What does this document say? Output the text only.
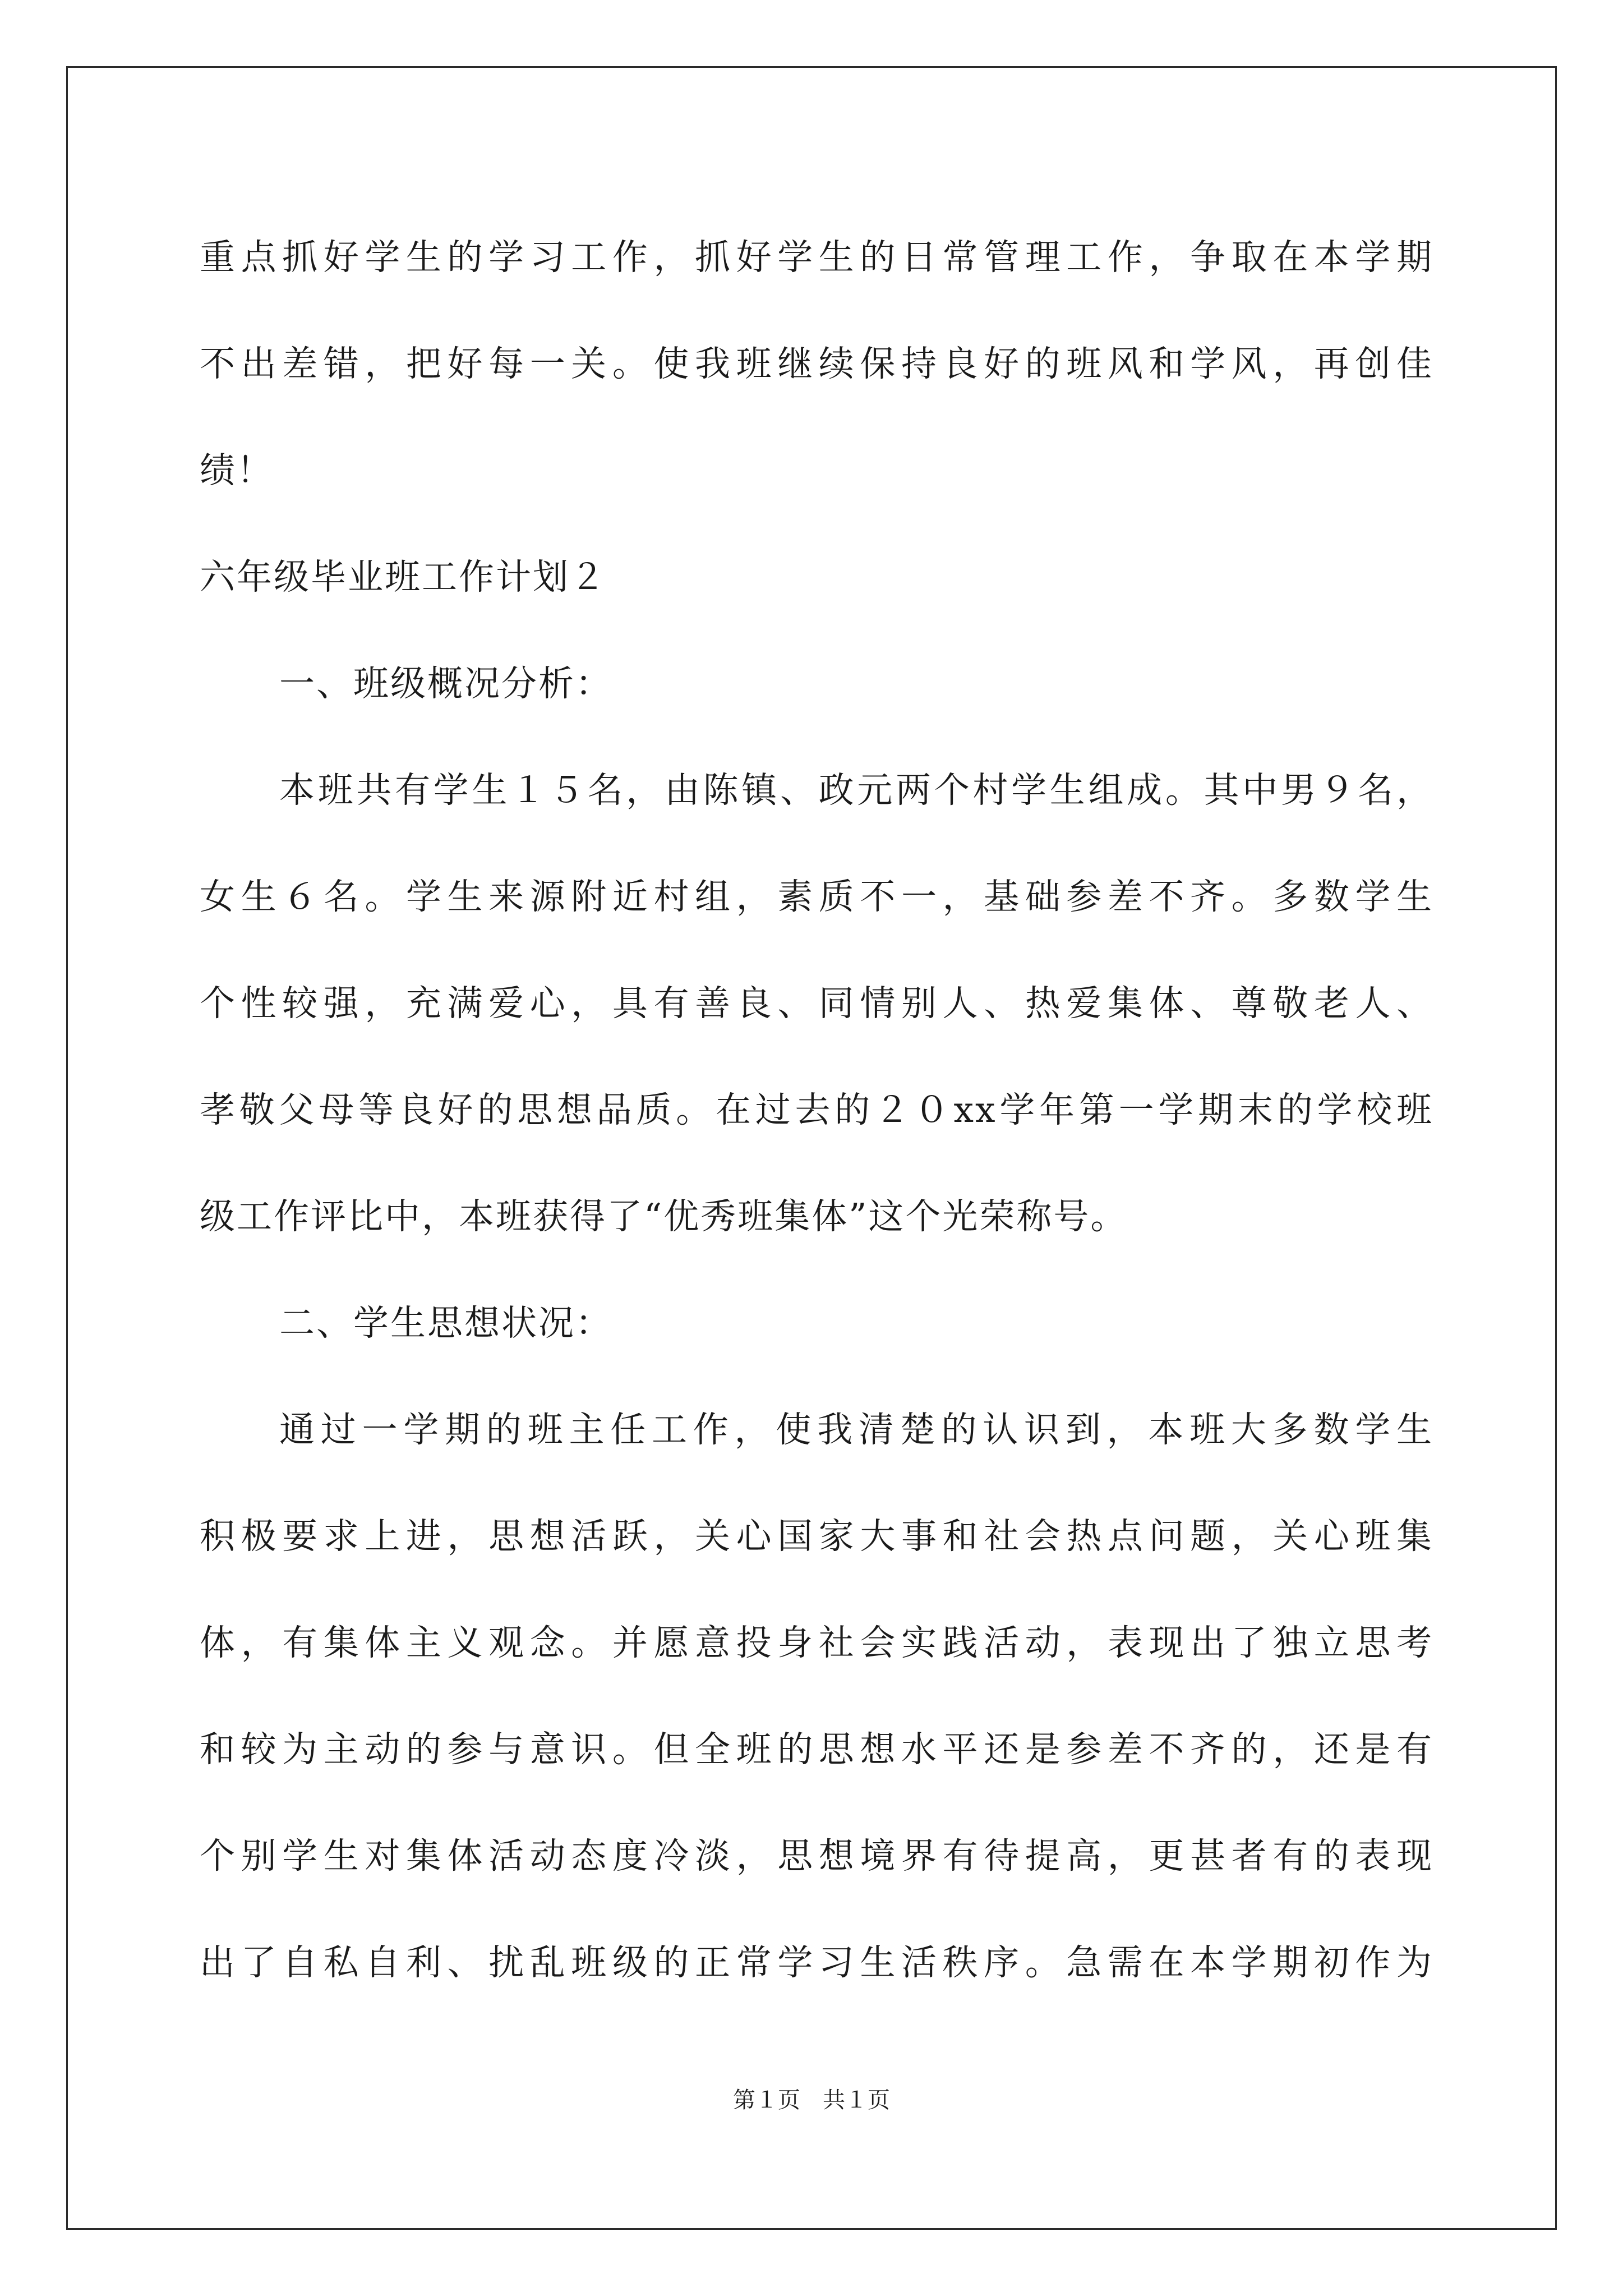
重点抓好学生的学习工作，抓好学生的日常管理工作，争取在本学期
不出差错，把好每一关。使我班继续保持良好的班风和学风，再创佳
绩！
六年级毕业班工作计划２
一、班级概况分析：
本班共有学生１５名，由陈镇、政元两个村学生组成。其中男９名，
女生６名。学生来源附近村组，素质不一，基础参差不齐。多数学生
个性较强，充满爱心，具有善良、同情别人、热爱集体、尊敬老人、
孝敬父母等良好的思想品质。在过去的２０xx学年第一学期末的学校班
级工作评比中，本班获得了“优秀班集体”这个光荣称号。
二、学生思想状况：
通过一学期的班主任工作，使我清楚的认识到，本班大多数学生
积极要求上进，思想活跃，关心国家大事和社会热点问题，关心班集
体，有集体主义观念。并愿意投身社会实践活动，表现出了独立思考
和较为主动的参与意识。但全班的思想水平还是参差不齐的，还是有
个别学生对集体活动态度冷淡，思想境界有待提高，更甚者有的表现
出了自私自利、扰乱班级的正常学习生活秩序。急需在本学期初作为
第１页 共１页
